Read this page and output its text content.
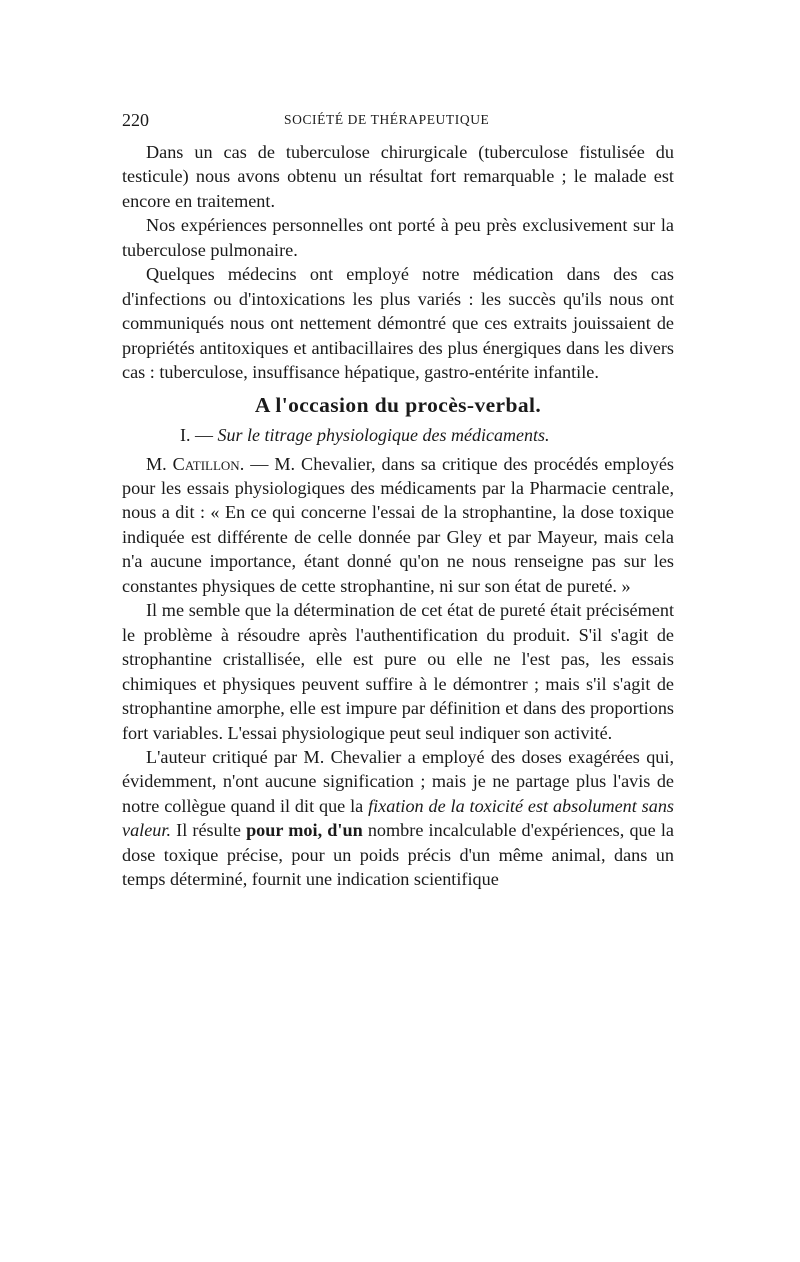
220	SOCIÉTÉ DE THÉRAPEUTIQUE

Dans un cas de tuberculose chirurgicale (tuberculose fistulisée du testicule) nous avons obtenu un résultat fort remarquable ; le malade est encore en traitement.

Nos expériences personnelles ont porté à peu près exclusivement sur la tuberculose pulmonaire.

Quelques médecins ont employé notre médication dans des cas d'infections ou d'intoxications les plus variés : les succès qu'ils nous ont communiqués nous ont nettement démontré que ces extraits jouissaient de propriétés antitoxiques et antibacillaires des plus énergiques dans les divers cas : tuberculose, insuffisance hépatique, gastro-entérite infantile.

A l'occasion du procès-verbal.
I. — Sur le titrage physiologique des médicaments.

M. Catillon. — M. Chevalier, dans sa critique des procédés employés pour les essais physiologiques des médicaments par la Pharmacie centrale, nous a dit : « En ce qui concerne l'essai de la strophantine, la dose toxique indiquée est différente de celle donnée par Gley et par Mayeur, mais cela n'a aucune importance, étant donné qu'on ne nous renseigne pas sur les constantes physiques de cette strophantine, ni sur son état de pureté. »

Il me semble que la détermination de cet état de pureté était précisément le problème à résoudre après l'authentification du produit. S'il s'agit de strophantine cristallisée, elle est pure ou elle ne l'est pas, les essais chimiques et physiques peuvent suffire à le démontrer ; mais s'il s'agit de strophantine amorphe, elle est impure par définition et dans des proportions fort variables. L'essai physiologique peut seul indiquer son activité.

L'auteur critiqué par M. Chevalier a employé des doses exagérées qui, évidemment, n'ont aucune signification ; mais je ne partage plus l'avis de notre collègue quand il dit que la fixation de la toxicité est absolument sans valeur. Il résulte pour moi, d'un nombre incalculable d'expériences, que la dose toxique précise, pour un poids précis d'un même animal, dans un temps déterminé, fournit une indication scientifique
